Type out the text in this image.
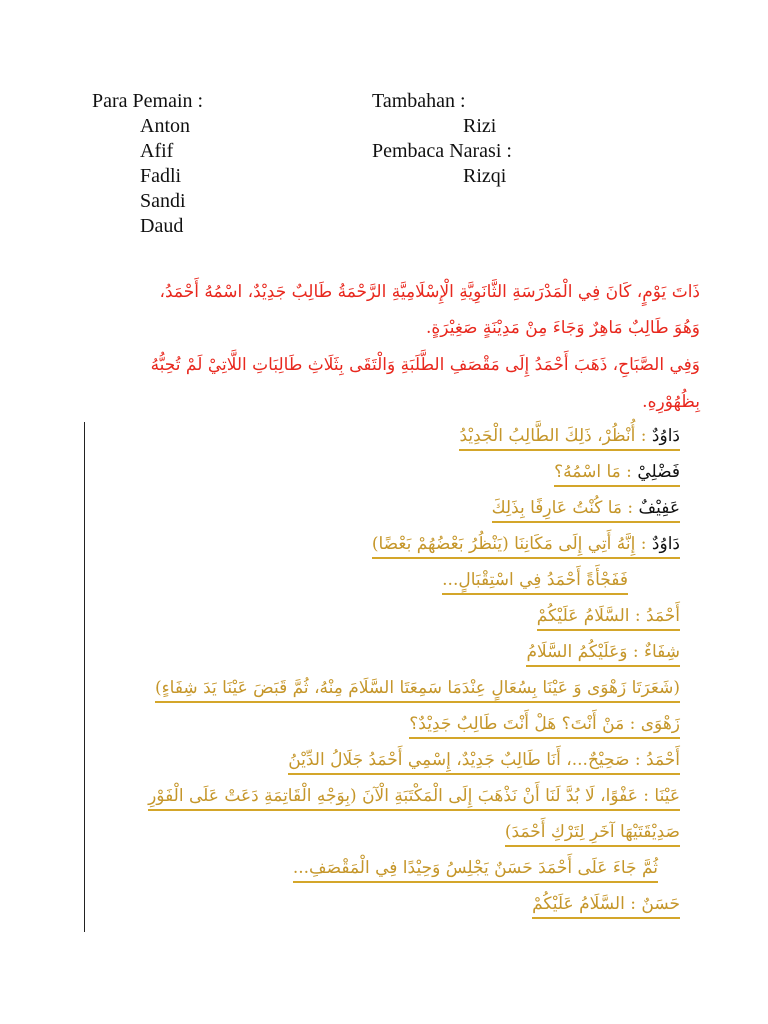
Para Pemain :
Anton
Afif
Fadli
Sandi
Daud
Tambahan :
Rizi
Pembaca Narasi :
Rizqi
ذَاتَ يَوْمٍ، كَانَ فِي الْمَدْرَسَةِ الثَّانَوِيَّةِ الْإِسْلَامِيَّةِ الرَّحْمَةُ طَالِبٌ جَدِيْدٌ، اسْمُهُ أَحْمَدُ،
وَهُوَ طَالِبٌ مَاهِرٌ وَجَاءَ مِنْ مَدِيْنَةٍ صَغِيْرَةٍ.
وَفِي الصَّبَاحِ، ذَهَبَ أَحْمَدُ إِلَى مَقْصَفِ الطَّلَبَةِ وَالْتَقَى بِثَلَاثِ طَالِبَاتِ اللَّاتِيْ لَمْ تُحِبُّهُ
بِظُهُوْرِهِ.
دَاوُدٌ : أُنْظُرْ، ذَلِكَ الطَّالِبُ الْجَدِيْدُ
فَضْلِيْ : مَا اسْمُهُ؟
عَفِيْفٌ : مَا كُنْتُ عَارِفًا بِذَلِكَ
دَاوُدٌ : إِنَّهُ أَتِي إِلَى مَكَانِنَا (يَنْظُرُ بَعْضُهُمْ بَعْضًا)
فَفَجْأَةً أَحْمَدُ فِي اسْتِقْبَالٍ...
أَحْمَدُ : السَّلَامُ عَلَيْكُمْ
شِفَاءٌ : وَعَلَيْكُمُ السَّلَامُ
(شَعَرَتَا زَهْوَى وَ عَيْنَا بِسُعَالٍ عِنْدَمَا سَمِعَتَا السَّلَامَ مِنْهُ، ثُمَّ قَبَضَ عَيْنَا يَدَ شِفَاءٍ)
زَهْوَى : مَنْ أَنْتَ؟ هَلْ أَنْتَ طَالِبٌ جَدِيْدٌ؟
أَحْمَدُ : صَحِيْحٌ...، أَنَا طَالِبٌ جَدِيْدٌ، إِسْمِي أَحْمَدُ جَلَالُ الدِّيْنُ
عَيْنَا : عَفْوًا، لَا بُدَّ لَنَا أَنْ نَذْهَبَ إِلَى الْمَكْتَبَةِ الْآنَ (بِوَجْهِ الْقَاتِمَةِ دَعَتْ عَلَى الْفَوْرِ
صَدِيْقَتَيْهَا آخَرِ لِتَرْكِ أَحْمَدَ)
ثُمَّ جَاءَ عَلَى أَحْمَدَ حَسَنٌ يَجْلِسُ وَحِيْدًا فِي الْمَقْصَفِ...
حَسَنٌ : السَّلَامُ عَلَيْكُمْ
